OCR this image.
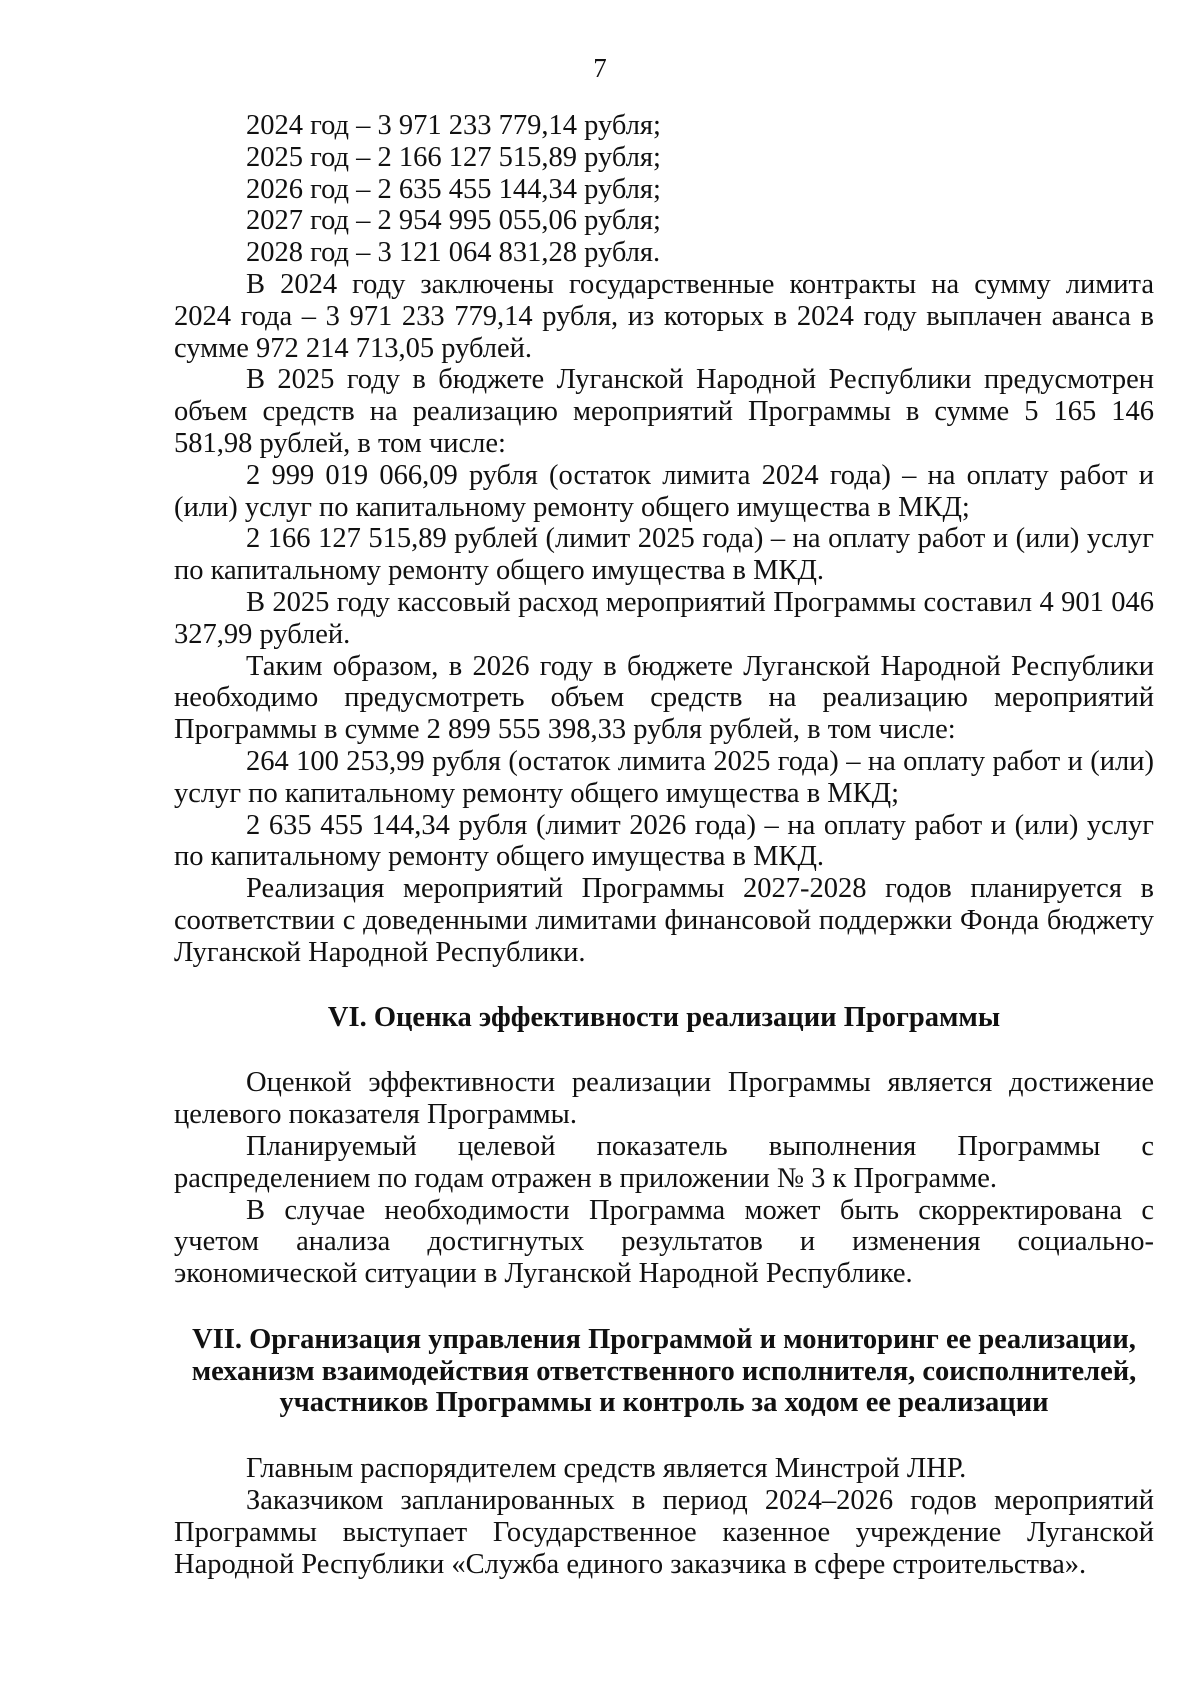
7

2024 год – 3 971 233 779,14 рубля;

2025 год – 2 166 127 515,89 рубля;

2026 год – 2 635 455 144,34 рубля;

2027 год – 2 954 995 055,06 рубля;

2028 год – 3 121 064 831,28 рубля.

В 2024 году заключены государственные контракты на сумму лимита 2024 года – 3 971 233 779,14 рубля, из которых в 2024 году выплачен аванса в сумме 972 214 713,05 рублей.

В 2025 году в бюджете Луганской Народной Республики предусмотрен объем средств на реализацию мероприятий Программы в сумме 5 165 146 581,98 рублей, в том числе:

2 999 019 066,09 рубля (остаток лимита 2024 года) – на оплату работ и (или) услуг по капитальному ремонту общего имущества в МКД;

2 166 127 515,89 рублей (лимит 2025 года) – на оплату работ и (или) услуг по капитальному ремонту общего имущества в МКД.

В 2025 году кассовый расход мероприятий Программы составил 4 901 046 327,99 рублей.

Таким образом, в 2026 году в бюджете Луганской Народной Республики необходимо предусмотреть объем средств на реализацию мероприятий Программы в сумме 2 899 555 398,33 рубля рублей, в том числе:

264 100 253,99 рубля (остаток лимита 2025 года) – на оплату работ и (или) услуг по капитальному ремонту общего имущества в МКД;

2 635 455 144,34 рубля (лимит 2026 года) – на оплату работ и (или) услуг по капитальному ремонту общего имущества в МКД.

Реализация мероприятий Программы 2027-2028 годов планируется в соответствии с доведенными лимитами финансовой поддержки Фонда бюджету Луганской Народной Республики.

VI. Оценка эффективности реализации Программы

Оценкой эффективности реализации Программы является достижение целевого показателя Программы.

Планируемый целевой показатель выполнения Программы с распределением по годам отражен в приложении № 3 к Программе.

В случае необходимости Программа может быть скорректирована с учетом анализа достигнутых результатов и изменения социально-экономической ситуации в Луганской Народной Республике.

VII. Организация управления Программой и мониторинг ее реализации,
механизм взаимодействия ответственного исполнителя, соисполнителей,
участников Программы и контроль за ходом ее реализации

Главным распорядителем средств является Минстрой ЛНР.

Заказчиком запланированных в период 2024–2026 годов мероприятий Программы выступает Государственное казенное учреждение Луганской Народной Республики «Служба единого заказчика в сфере строительства».
